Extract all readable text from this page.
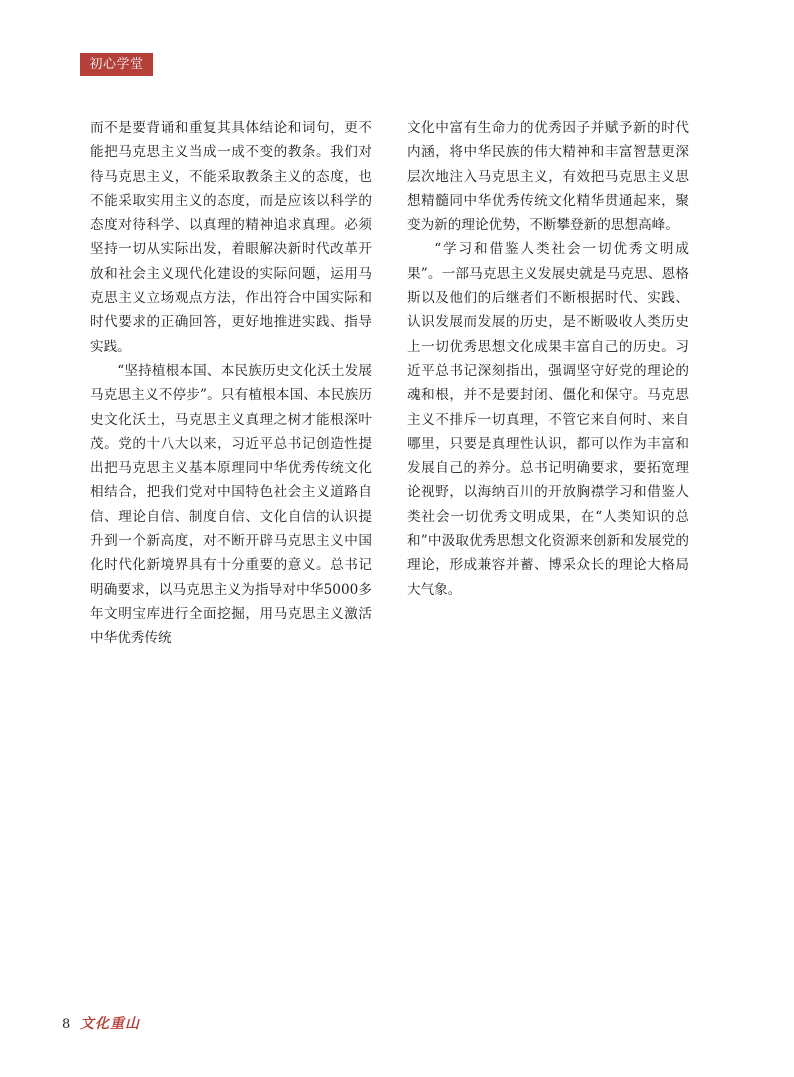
初心学堂

而不是要背诵和重复其具体结论和词句，更不能把马克思主义当成一成不变的教条。我们对待马克思主义，不能采取教条主义的态度，也不能采取实用主义的态度，而是应该以科学的态度对待科学、以真理的精神追求真理。必须坚持一切从实际出发，着眼解决新时代改革开放和社会主义现代化建设的实际问题，运用马克思主义立场观点方法，作出符合中国实际和时代要求的正确回答，更好地推进实践、指导实践。

“坚持植根本国、本民族历史文化沃土发展马克思主义不停步”。只有植根本国、本民族历史文化沃土，马克思主义真理之树才能根深叶茂。党的十八大以来，习近平总书记创造性提出把马克思主义基本原理同中华优秀传统文化相结合，把我们党对中国特色社会主义道路自信、理论自信、制度自信、文化自信的认识提升到一个新高度，对不断开辟马克思主义中国化时代化新境界具有十分重要的意义。总书记明确要求，以马克思主义为指导对中华5000多年文明宝库进行全面挖掘，用马克思主义激活中华优秀传统

文化中富有生命力的优秀因子并赋予新的时代内涵，将中华民族的伟大精神和丰富智慧更深层次地注入马克思主义，有效把马克思主义思想精髓同中华优秀传统文化精华贯通起来，聚变为新的理论优势，不断攀登新的思想高峰。

“学习和借鉴人类社会一切优秀文明成果”。一部马克思主义发展史就是马克思、恩格斯以及他们的后继者们不断根据时代、实践、认识发展而发展的历史，是不断吸收人类历史上一切优秀思想文化成果丰富自己的历史。习近平总书记深刻指出，强调坚守好党的理论的魂和根，并不是要封闭、僵化和保守。马克思主义不排斥一切真理，不管它来自何时、来自哪里，只要是真理性认识，都可以作为丰富和发展自己的养分。总书记明确要求，要拓宽理论视野，以海纳百川的开放胸襟学习和借鉴人类社会一切优秀文明成果，在“人类知识的总和”中汲取优秀思想文化资源来创新和发展党的理论，形成兼容并蓄、博采众长的理论大格局大气象。

8 文化重山
